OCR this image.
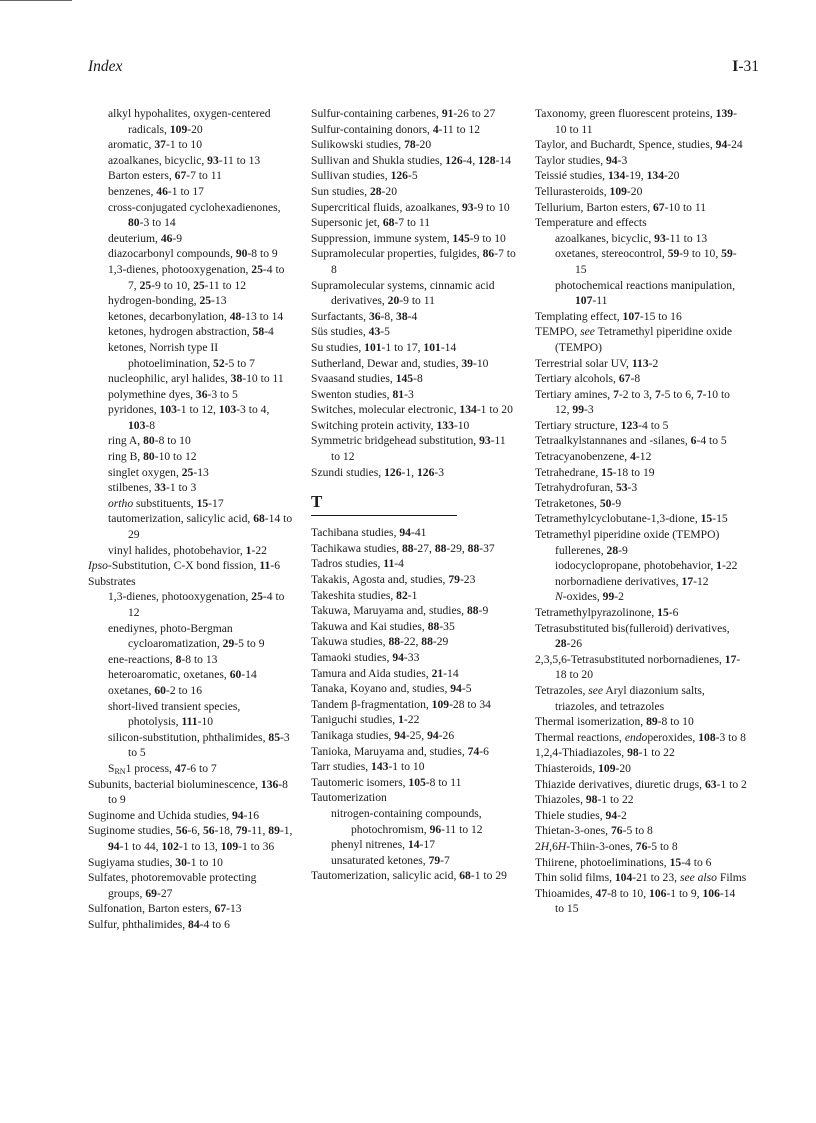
Index	I-31
alkyl hypohalites, oxygen-centered radicals, 109-20
aromatic, 37-1 to 10
azoalkanes, bicyclic, 93-11 to 13
Barton esters, 67-7 to 11
benzenes, 46-1 to 17
cross-conjugated cyclohexadienones, 80-3 to 14
deuterium, 46-9
diazocarbonyl compounds, 90-8 to 9
1,3-dienes, photooxygenation, 25-4 to 7, 25-9 to 10, 25-11 to 12
hydrogen-bonding, 25-13
ketones, decarbonylation, 48-13 to 14
ketones, hydrogen abstraction, 58-4
ketones, Norrish type II photoelimination, 52-5 to 7
nucleophilic, aryl halides, 38-10 to 11
polymethine dyes, 36-3 to 5
pyridones, 103-1 to 12, 103-3 to 4, 103-8
ring A, 80-8 to 10
ring B, 80-10 to 12
singlet oxygen, 25-13
stilbenes, 33-1 to 3
ortho substituents, 15-17
tautomerization, salicylic acid, 68-14 to 29
vinyl halides, photobehavior, 1-22
Ipso-Substitution, C-X bond fission, 11-6
Substrates
1,3-dienes, photooxygenation, 25-4 to 12
enediynes, photo-Bergman cycloaromatization, 29-5 to 9
ene-reactions, 8-8 to 13
heteroaromatic, oxetanes, 60-14
oxetanes, 60-2 to 16
short-lived transient species, photolysis, 111-10
silicon-substitution, phthalimides, 85-3 to 5
$S_{RN}1$ process, 47-6 to 7
Subunits, bacterial bioluminescence, 136-8 to 9
Suginome and Uchida studies, 94-16
Suginome studies, 56-6, 56-18, 79-11, 89-1, 94-1 to 44, 102-1 to 13, 109-1 to 36
Sugiyama studies, 30-1 to 10
Sulfates, photoremovable protecting groups, 69-27
Sulfonation, Barton esters, 67-13
Sulfur, phthalimides, 84-4 to 6
Sulfur-containing carbenes, 91-26 to 27
Sulfur-containing donors, 4-11 to 12
Sulikowski studies, 78-20
Sullivan and Shukla studies, 126-4, 128-14
Sullivan studies, 126-5
Sun studies, 28-20
Supercritical fluids, azoalkanes, 93-9 to 10
Supersonic jet, 68-7 to 11
Suppression, immune system, 145-9 to 10
Supramolecular properties, fulgides, 86-7 to 8
Supramolecular systems, cinnamic acid derivatives, 20-9 to 11
Surfactants, 36-8, 38-4
Süs studies, 43-5
Su studies, 101-1 to 17, 101-14
Sutherland, Dewar and, studies, 39-10
Svaasand studies, 145-8
Swenton studies, 81-3
Switches, molecular electronic, 134-1 to 20
Switching protein activity, 133-10
Symmetric bridgehead substitution, 93-11 to 12
Szundi studies, 126-1, 126-3
T
Tachibana studies, 94-41
Tachikawa studies, 88-27, 88-29, 88-37
Tadros studies, 11-4
Takakis, Agosta and, studies, 79-23
Takeshita studies, 82-1
Takuwa, Maruyama and, studies, 88-9
Takuwa and Kai studies, 88-35
Takuwa studies, 88-22, 88-29
Tamaoki studies, 94-33
Tamura and Aida studies, 21-14
Tanaka, Koyano and, studies, 94-5
Tandem β-fragmentation, 109-28 to 34
Taniguchi studies, 1-22
Tanikaga studies, 94-25, 94-26
Tanioka, Maruyama and, studies, 74-6
Tarr studies, 143-1 to 10
Tautomeric isomers, 105-8 to 11
Tautomerization
nitrogen-containing compounds, photochromism, 96-11 to 12
phenyl nitrenes, 14-17
unsaturated ketones, 79-7
Tautomerization, salicylic acid, 68-1 to 29
Taxonomy, green fluorescent proteins, 139-10 to 11
Taylor, and Buchardt, Spence, studies, 94-24
Taylor studies, 94-3
Teissié studies, 134-19, 134-20
Tellurasteroids, 109-20
Tellurium, Barton esters, 67-10 to 11
Temperature and effects
azoalkanes, bicyclic, 93-11 to 13
oxetanes, stereocontrol, 59-9 to 10, 59-15
photochemical reactions manipulation, 107-11
Templating effect, 107-15 to 16
TEMPO, see Tetramethyl piperidine oxide (TEMPO)
Terrestrial solar UV, 113-2
Tertiary alcohols, 67-8
Tertiary amines, 7-2 to 3, 7-5 to 6, 7-10 to 12, 99-3
Tertiary structure, 123-4 to 5
Tetraalkylstannanes and -silanes, 6-4 to 5
Tetracyanobenzene, 4-12
Tetrahedrane, 15-18 to 19
Tetrahydrofuran, 53-3
Tetraketones, 50-9
Tetramethylcyclobutane-1,3-dione, 15-15
Tetramethyl piperidine oxide (TEMPO)
fullerenes, 28-9
iodocyclopropane, photobehavior, 1-22
norbornadiene derivatives, 17-12
N-oxides, 99-2
Tetramethylpyrazolinone, 15-6
Tetrasubstituted bis(fulleroid) derivatives, 28-26
2,3,5,6-Tetrasubstituted norbornadienes, 17-18 to 20
Tetrazoles, see Aryl diazonium salts, triazoles, and tetrazoles
Thermal isomerization, 89-8 to 10
Thermal reactions, endoperoxides, 108-3 to 8
1,2,4-Thiadiazoles, 98-1 to 22
Thiasteroids, 109-20
Thiazide derivatives, diuretic drugs, 63-1 to 2
Thiazoles, 98-1 to 22
Thiele studies, 94-2
Thietan-3-ones, 76-5 to 8
2H,6H-Thiin-3-ones, 76-5 to 8
Thiirene, photoeliminations, 15-4 to 6
Thin solid films, 104-21 to 23, see also Films
Thioamides, 47-8 to 10, 106-1 to 9, 106-14 to 15
